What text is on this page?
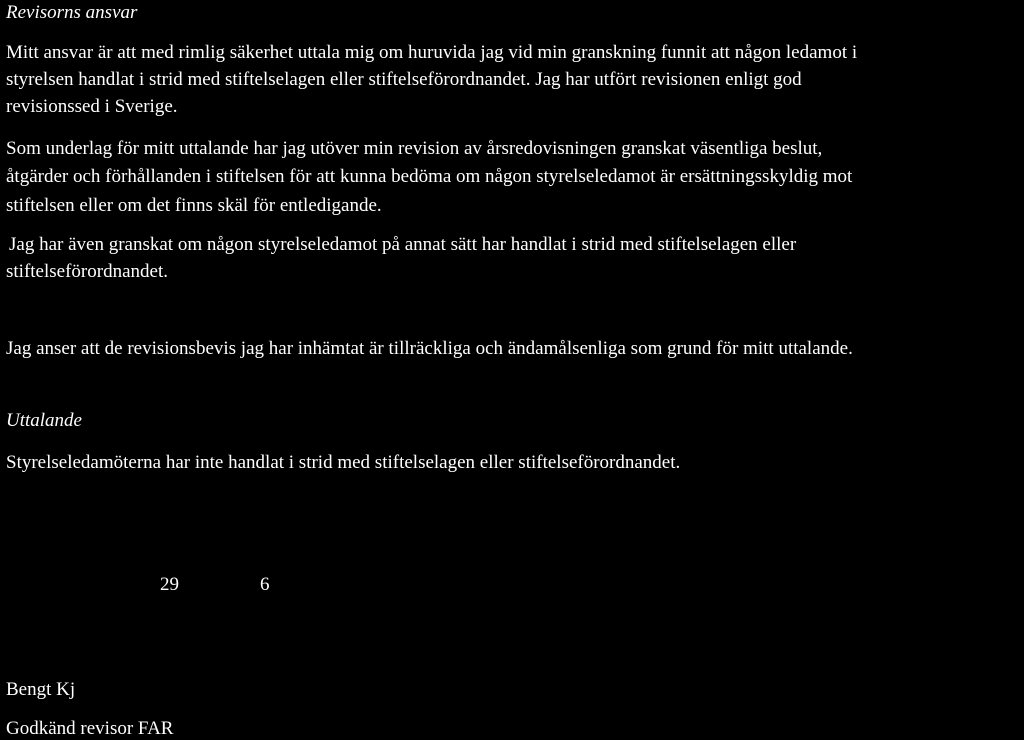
Revisorns ansvar
Mitt ansvar är att med rimlig säkerhet uttala mig om huruvida jag vid min granskning funnit att någon ledamot i
styrelsen handlat i strid med stiftelselagen eller stiftelseförordnandet. Jag har utfört revisionen enligt god
revisionssed i Sverige.
Som underlag för mitt uttalande har jag utöver min revision av årsredovisningen granskat väsentliga beslut,
åtgärder och förhållanden i stiftelsen för att kunna bedöma om någon styrelseledamot är ersättningsskyldig mot
stiftelsen eller om det finns skäl för entledigande.
Jag har även granskat om någon styrelseledamot på annat sätt har handlat i strid med stiftelselagen eller
stiftelseförordnandet.
Jag anser att de revisionsbevis jag har inhämtat är tillräckliga och ändamålsenliga som grund för mitt uttalande.
Uttalande
Styrelseledamöterna har inte handlat i strid med stiftelselagen eller stiftelseförordnandet.
29	6
Bengt Kj
Godkänd revisor FAR
